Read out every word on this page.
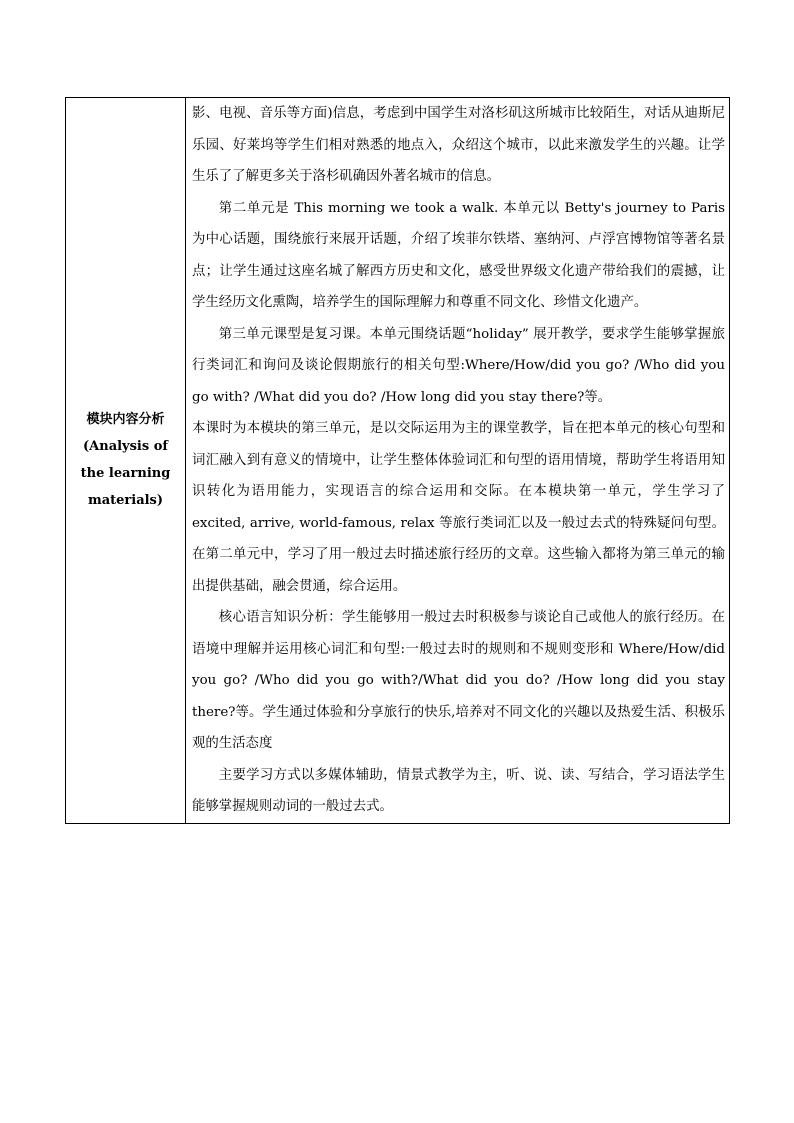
模块内容分析
(Analysis of
the learning
materials)

影、电视、音乐等方面)信息，考虑到中国学生对洛杉矶这所城市比较陌生，对话从迪斯尼乐园、好莱坞等学生们相对熟悉的地点入，众绍这个城市，以此来激发学生的兴趣。让学生乐了了解更多关于洛杉矶确因外著名城市的信息。

第二单元是 This morning we took a walk. 本单元以 Betty's journey to Paris 为中心话题，围绕旅行来展开话题，介绍了埃菲尔铁塔、塞纳河、卢浮宫博物馆等著名景点；让学生通过这座名城了解西方历史和文化，感受世界级文化遗产带给我们的震撼，让学生经历文化熏陶，培养学生的国际理解力和尊重不同文化、珍惜文化遗产。

第三单元课型是复习课。本单元围绕话题“holiday” 展开教学，要求学生能够掌握旅行类词汇和询问及谈论假期旅行的相关句型:Where/How/did you go? /Who did you go with? /What did you do? /How long did you stay there?等。

本课时为本模块的第三单元，是以交际运用为主的课堂教学，旨在把本单元的核心句型和词汇融入到有意义的情境中，让学生整体体验词汇和句型的语用情境，帮助学生将语用知识转化为语用能力，实现语言的综合运用和交际。在本模块第一单元，学生学习了 excited, arrive, world-famous, relax 等旅行类词汇以及一般过去式的特殊疑问句型。在第二单元中，学习了用一般过去时描述旅行经历的文章。这些输入都将为第三单元的输出提供基础，融会贯通，综合运用。

核心语言知识分析：学生能够用一般过去时积极参与谈论自己或他人的旅行经历。在语境中理解并运用核心词汇和句型:一般过去时的规则和不规则变形和 Where/How/did you go? /Who did you go with?/What did you do? /How long did you stay there?等。学生通过体验和分享旅行的快乐,培养对不同文化的兴趣以及热爱生活、积极乐观的生活态度

主要学习方式以多媒体辅助，情景式教学为主，听、说、读、写结合，学习语法学生能够掌握规则动词的一般过去式。
